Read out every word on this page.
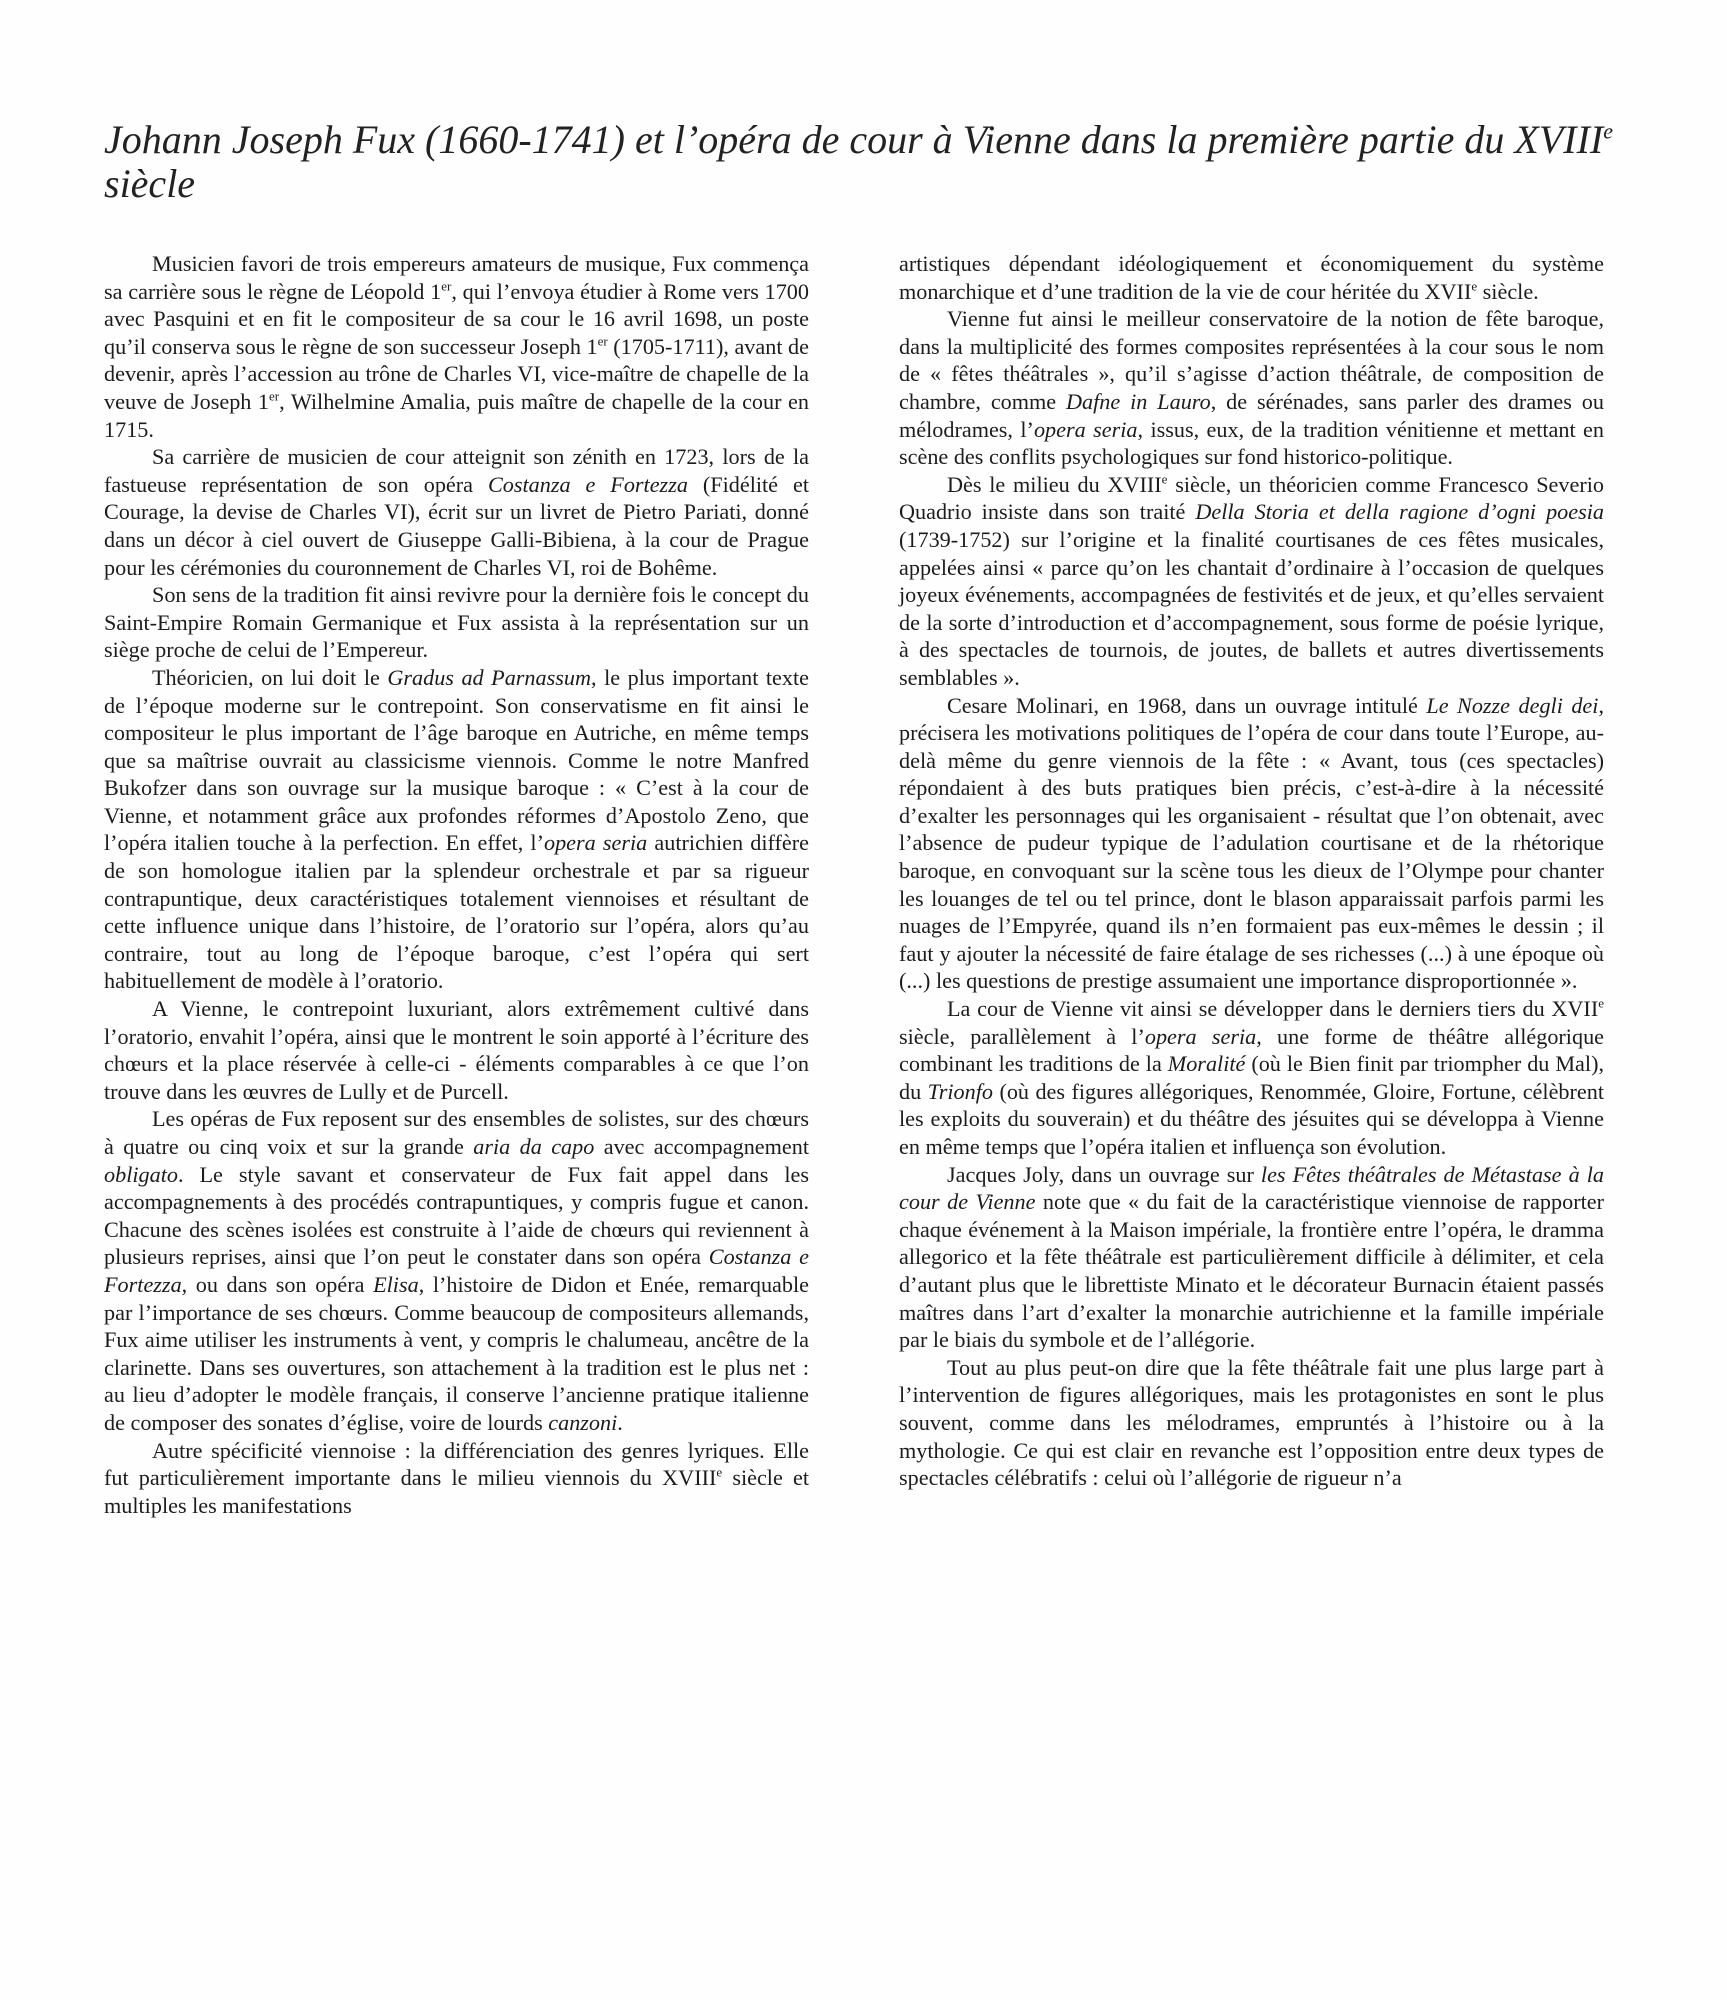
Johann Joseph Fux (1660-1741) et l’opéra de cour à Vienne dans la première partie du XVIIIe siècle

Musicien favori de trois empereurs amateurs de musique, Fux commença sa carrière sous le règne de Léopold 1er, qui l’envoya étudier à Rome vers 1700 avec Pasquini et en fit le compositeur de sa cour le 16 avril 1698, un poste qu’il conserva sous le règne de son successeur Joseph 1er (1705-1711), avant de devenir, après l’accession au trône de Charles VI, vice-maître de chapelle de la veuve de Joseph 1er, Wilhelmine Amalia, puis maître de chapelle de la cour en 1715.

Sa carrière de musicien de cour atteignit son zénith en 1723, lors de la fastueuse représentation de son opéra Costanza e Fortezza (Fidélité et Courage, la devise de Charles VI), écrit sur un livret de Pietro Pariati, donné dans un décor à ciel ouvert de Giuseppe Galli-Bibiena, à la cour de Prague pour les cérémonies du couronnement de Charles VI, roi de Bohême.

Son sens de la tradition fit ainsi revivre pour la dernière fois le concept du Saint-Empire Romain Germanique et Fux assista à la représentation sur un siège proche de celui de l’Empereur.

Théoricien, on lui doit le Gradus ad Parnassum, le plus important texte de l’époque moderne sur le contrepoint. Son conservatisme en fit ainsi le compositeur le plus important de l’âge baroque en Autriche, en même temps que sa maîtrise ouvrait au classicisme viennois. Comme le notre Manfred Bukofzer dans son ouvrage sur la musique baroque : « C’est à la cour de Vienne, et notamment grâce aux profondes réformes d’Apostolo Zeno, que l’opéra italien touche à la perfection. En effet, l’opera seria autrichien diffère de son homologue italien par la splendeur orchestrale et par sa rigueur contrapuntique, deux caractéristiques totalement viennoises et résultant de cette influence unique dans l’histoire, de l’oratorio sur l’opéra, alors qu’au contraire, tout au long de l’époque baroque, c’est l’opéra qui sert habituellement de modèle à l’oratorio.

A Vienne, le contrepoint luxuriant, alors extrêmement cultivé dans l’oratorio, envahit l’opéra, ainsi que le montrent le soin apporté à l’écriture des chœurs et la place réservée à celle-ci - éléments comparables à ce que l’on trouve dans les œuvres de Lully et de Purcell.

Les opéras de Fux reposent sur des ensembles de solistes, sur des chœurs à quatre ou cinq voix et sur la grande aria da capo avec accompagnement obligato. Le style savant et conservateur de Fux fait appel dans les accompagnements à des procédés contrapuntiques, y compris fugue et canon. Chacune des scènes isolées est construite à l’aide de chœurs qui reviennent à plusieurs reprises, ainsi que l’on peut le constater dans son opéra Costanza e Fortezza, ou dans son opéra Elisa, l’histoire de Didon et Enée, remarquable par l’importance de ses chœurs. Comme beaucoup de compositeurs allemands, Fux aime utiliser les instruments à vent, y compris le chalumeau, ancêtre de la clarinette. Dans ses ouvertures, son attachement à la tradition est le plus net : au lieu d’adopter le modèle français, il conserve l’ancienne pratique italienne de composer des sonates d’église, voire de lourds canzoni.

Autre spécificité viennoise : la différenciation des genres lyriques. Elle fut particulièrement importante dans le milieu viennois du XVIIIe siècle et multiples les manifestations

artistiques dépendant idéologiquement et économiquement du système monarchique et d’une tradition de la vie de cour héritée du XVIIe siècle.

Vienne fut ainsi le meilleur conservatoire de la notion de fête baroque, dans la multiplicité des formes composites représentées à la cour sous le nom de « fêtes théâtrales », qu’il s’agisse d’action théâtrale, de composition de chambre, comme Dafne in Lauro, de sérénades, sans parler des drames ou mélodrames, l’opera seria, issus, eux, de la tradition vénitienne et mettant en scène des conflits psychologiques sur fond historico-politique.

Dès le milieu du XVIIIe siècle, un théoricien comme Francesco Severio Quadrio insiste dans son traité Della Storia et della ragione d’ogni poesia (1739-1752) sur l’origine et la finalité courtisanes de ces fêtes musicales, appelées ainsi « parce qu’on les chantait d’ordinaire à l’occasion de quelques joyeux événements, accompagnées de festivités et de jeux, et qu’elles servaient de la sorte d’introduction et d’accompagnement, sous forme de poésie lyrique, à des spectacles de tournois, de joutes, de ballets et autres divertissements semblables ».

Cesare Molinari, en 1968, dans un ouvrage intitulé Le Nozze degli dei, précisera les motivations politiques de l’opéra de cour dans toute l’Europe, au-delà même du genre viennois de la fête : « Avant, tous (ces spectacles) répondaient à des buts pratiques bien précis, c’est-à-dire à la nécessité d’exalter les personnages qui les organisaient - résultat que l’on obtenait, avec l’absence de pudeur typique de l’adulation courtisane et de la rhétorique baroque, en convoquant sur la scène tous les dieux de l’Olympe pour chanter les louanges de tel ou tel prince, dont le blason apparaissait parfois parmi les nuages de l’Empyrée, quand ils n’en formaient pas eux-mêmes le dessin ; il faut y ajouter la nécessité de faire étalage de ses richesses (...) à une époque où (...) les questions de prestige assumaient une importance disproportionnée ».

La cour de Vienne vit ainsi se développer dans le derniers tiers du XVIIe siècle, parallèlement à l’opera seria, une forme de théâtre allégorique combinant les traditions de la Moralité (où le Bien finit par triompher du Mal), du Trionfo (où des figures allégoriques, Renommée, Gloire, Fortune, célèbrent les exploits du souverain) et du théâtre des jésuites qui se développa à Vienne en même temps que l’opéra italien et influença son évolution.

Jacques Joly, dans un ouvrage sur les Fêtes théâtrales de Métastase à la cour de Vienne note que « du fait de la caractéristique viennoise de rapporter chaque événement à la Maison impériale, la frontière entre l’opéra, le dramma allegorico et la fête théâtrale est particulièrement difficile à délimiter, et cela d’autant plus que le librettiste Minato et le décorateur Burnacin étaient passés maîtres dans l’art d’exalter la monarchie autrichienne et la famille impériale par le biais du symbole et de l’allégorie.

Tout au plus peut-on dire que la fête théâtrale fait une plus large part à l’intervention de figures allégoriques, mais les protagonistes en sont le plus souvent, comme dans les mélodrames, empruntés à l’histoire ou à la mythologie. Ce qui est clair en revanche est l’opposition entre deux types de spectacles célébratifs : celui où l’allégorie de rigueur n’a
